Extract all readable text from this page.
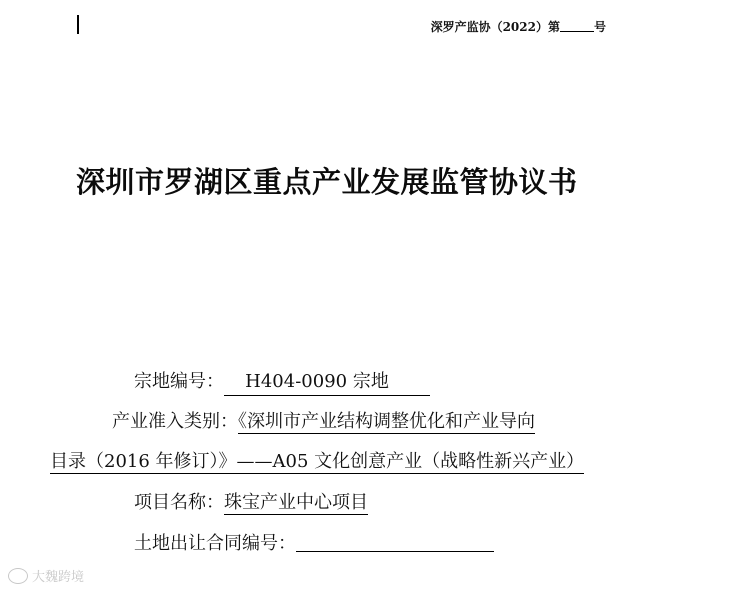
深罗产监协（2022）第	号
深圳市罗湖区重点产业发展监管协议书
宗地编号： H404-0090 宗地
产业准入类别：《深圳市产业结构调整优化和产业导向
目录（2016 年修订）》——A05 文化创意产业（战略性新兴产业）
项目名称：珠宝产业中心项目
土地出让合同编号：
大魏跨境
